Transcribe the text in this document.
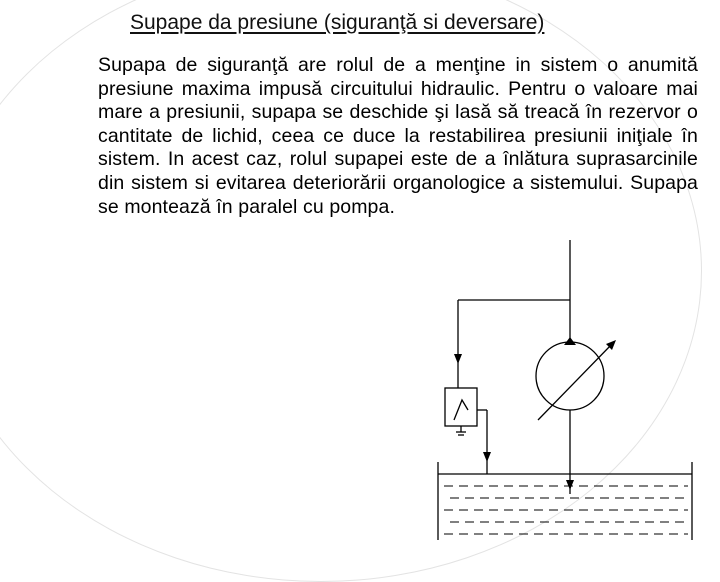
Supape da presiune (siguranţă si deversare)
Supapa de siguranţă are rolul de a menţine in sistem o anumită presiune maxima impusă circuitului hidraulic. Pentru o valoare mai mare a presiunii, supapa se deschide şi lasă să treacă în rezervor o cantitate de lichid, ceea ce duce la restabilirea presiunii iniţiale în sistem. In acest caz, rolul supapei este de a înlătura suprasarcinile din sistem si evitarea deteriorării organologice a sistemului. Supapa se montează în paralel cu pompa.
